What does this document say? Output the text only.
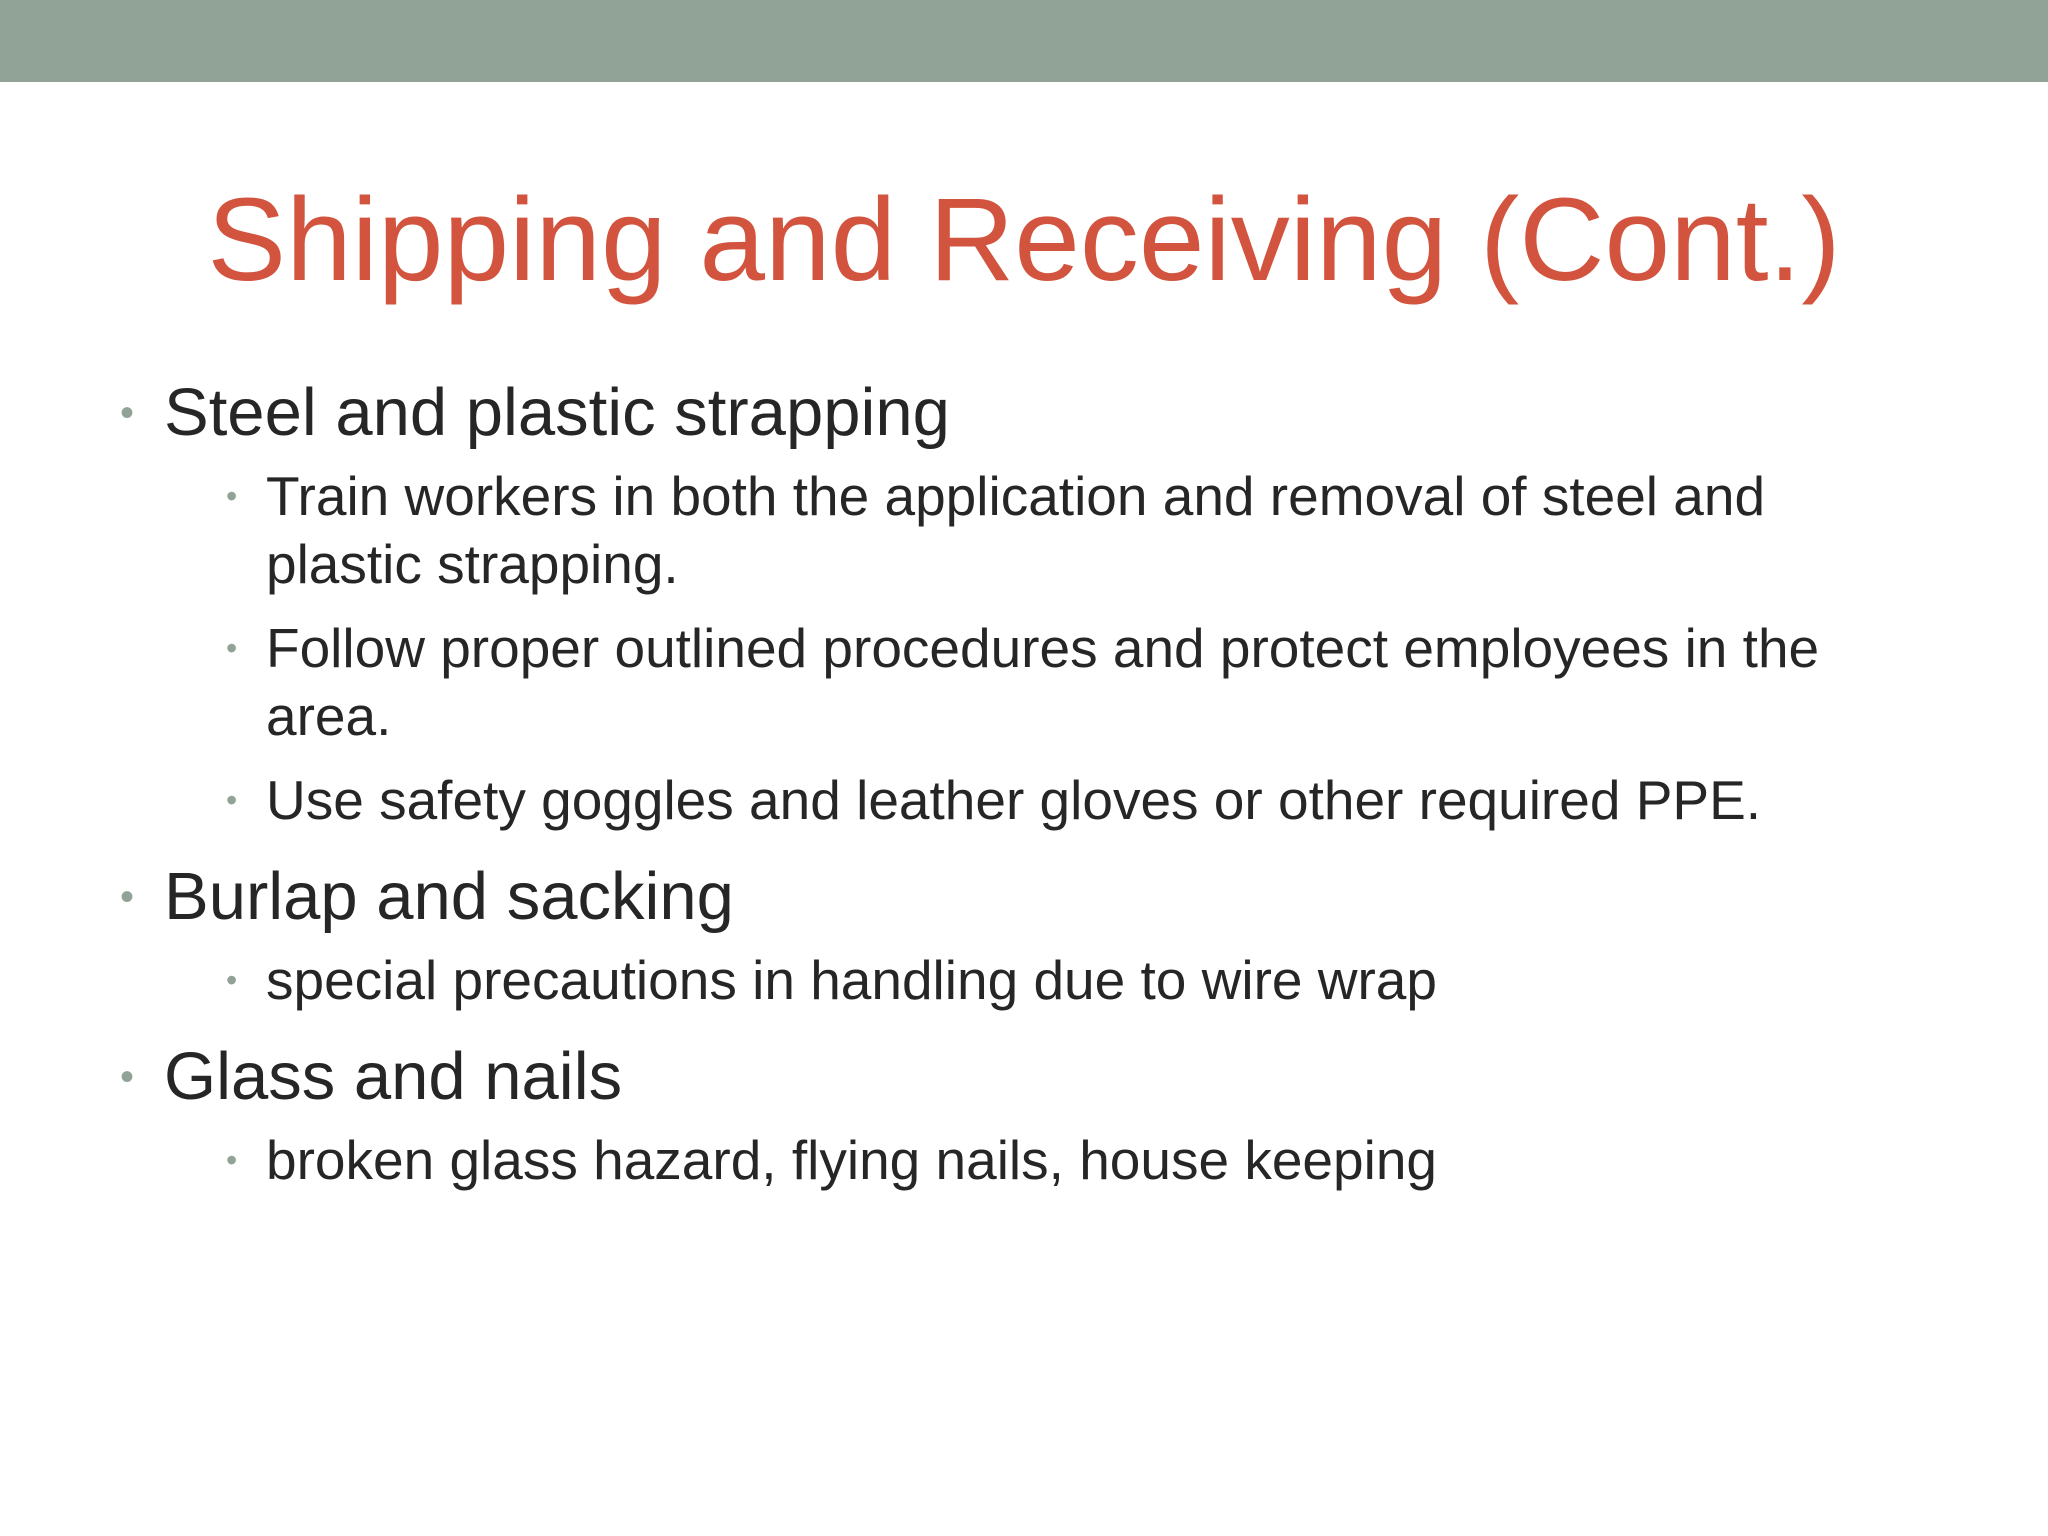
Shipping and Receiving (Cont.)
• Steel and plastic strapping
• Train workers in both the application and removal of steel and plastic strapping.
• Follow proper outlined procedures and protect employees in the area.
• Use safety goggles and leather gloves or other required PPE.
• Burlap and sacking
• special precautions in handling due to wire wrap
• Glass and nails
• broken glass hazard, flying nails, house keeping
